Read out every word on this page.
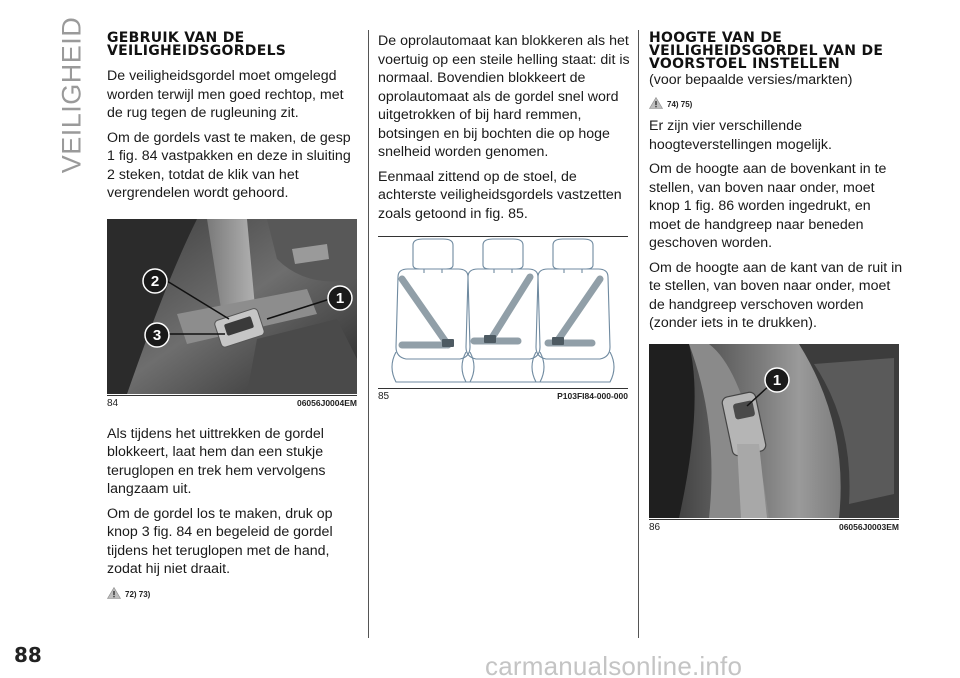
VEILIGHEID
88
GEBRUIK VAN DE VEILIGHEIDSGORDELS

De veiligheidsgordel moet omgelegd worden terwijl men goed rechtop, met de rug tegen de rugleuning zit.

Om de gordels vast te maken, de gesp 1 fig. 84 vastpakken en deze in sluiting 2 steken, totdat de klik van het vergrendelen wordt gehoord.

2
1
3
84	06056J0004EM

Als tijdens het uittrekken de gordel blokkeert, laat hem dan een stukje teruglopen en trek hem vervolgens langzaam uit.

Om de gordel los te maken, druk op knop 3 fig. 84 en begeleid de gordel tijdens het teruglopen met de hand, zodat hij niet draait.

72) 73)

De oprolautomaat kan blokkeren als het voertuig op een steile helling staat: dit is normaal. Bovendien blokkeert de oprolautomaat als de gordel snel word uitgetrokken of bij hard remmen, botsingen en bij bochten die op hoge snelheid worden genomen.

Eenmaal zittend op de stoel, de achterste veiligheidsgordels vastzetten zoals getoond in fig. 85.

85	P103FI84-000-000
HOOGTE VAN DE VEILIGHEIDSGORDEL VAN DE VOORSTOEL INSTELLEN
(voor bepaalde versies/markten)
74) 75)

Er zijn vier verschillende hoogteverstellingen mogelijk.

Om de hoogte aan de bovenkant in te stellen, van boven naar onder, moet knop 1 fig. 86 worden ingedrukt, en moet de handgreep naar beneden geschoven worden.

Om de hoogte aan de kant van de ruit in te stellen, van boven naar onder, moet de handgreep verschoven worden (zonder iets in te drukken).

1
86	06056J0003EM
carmanualsonline.info
